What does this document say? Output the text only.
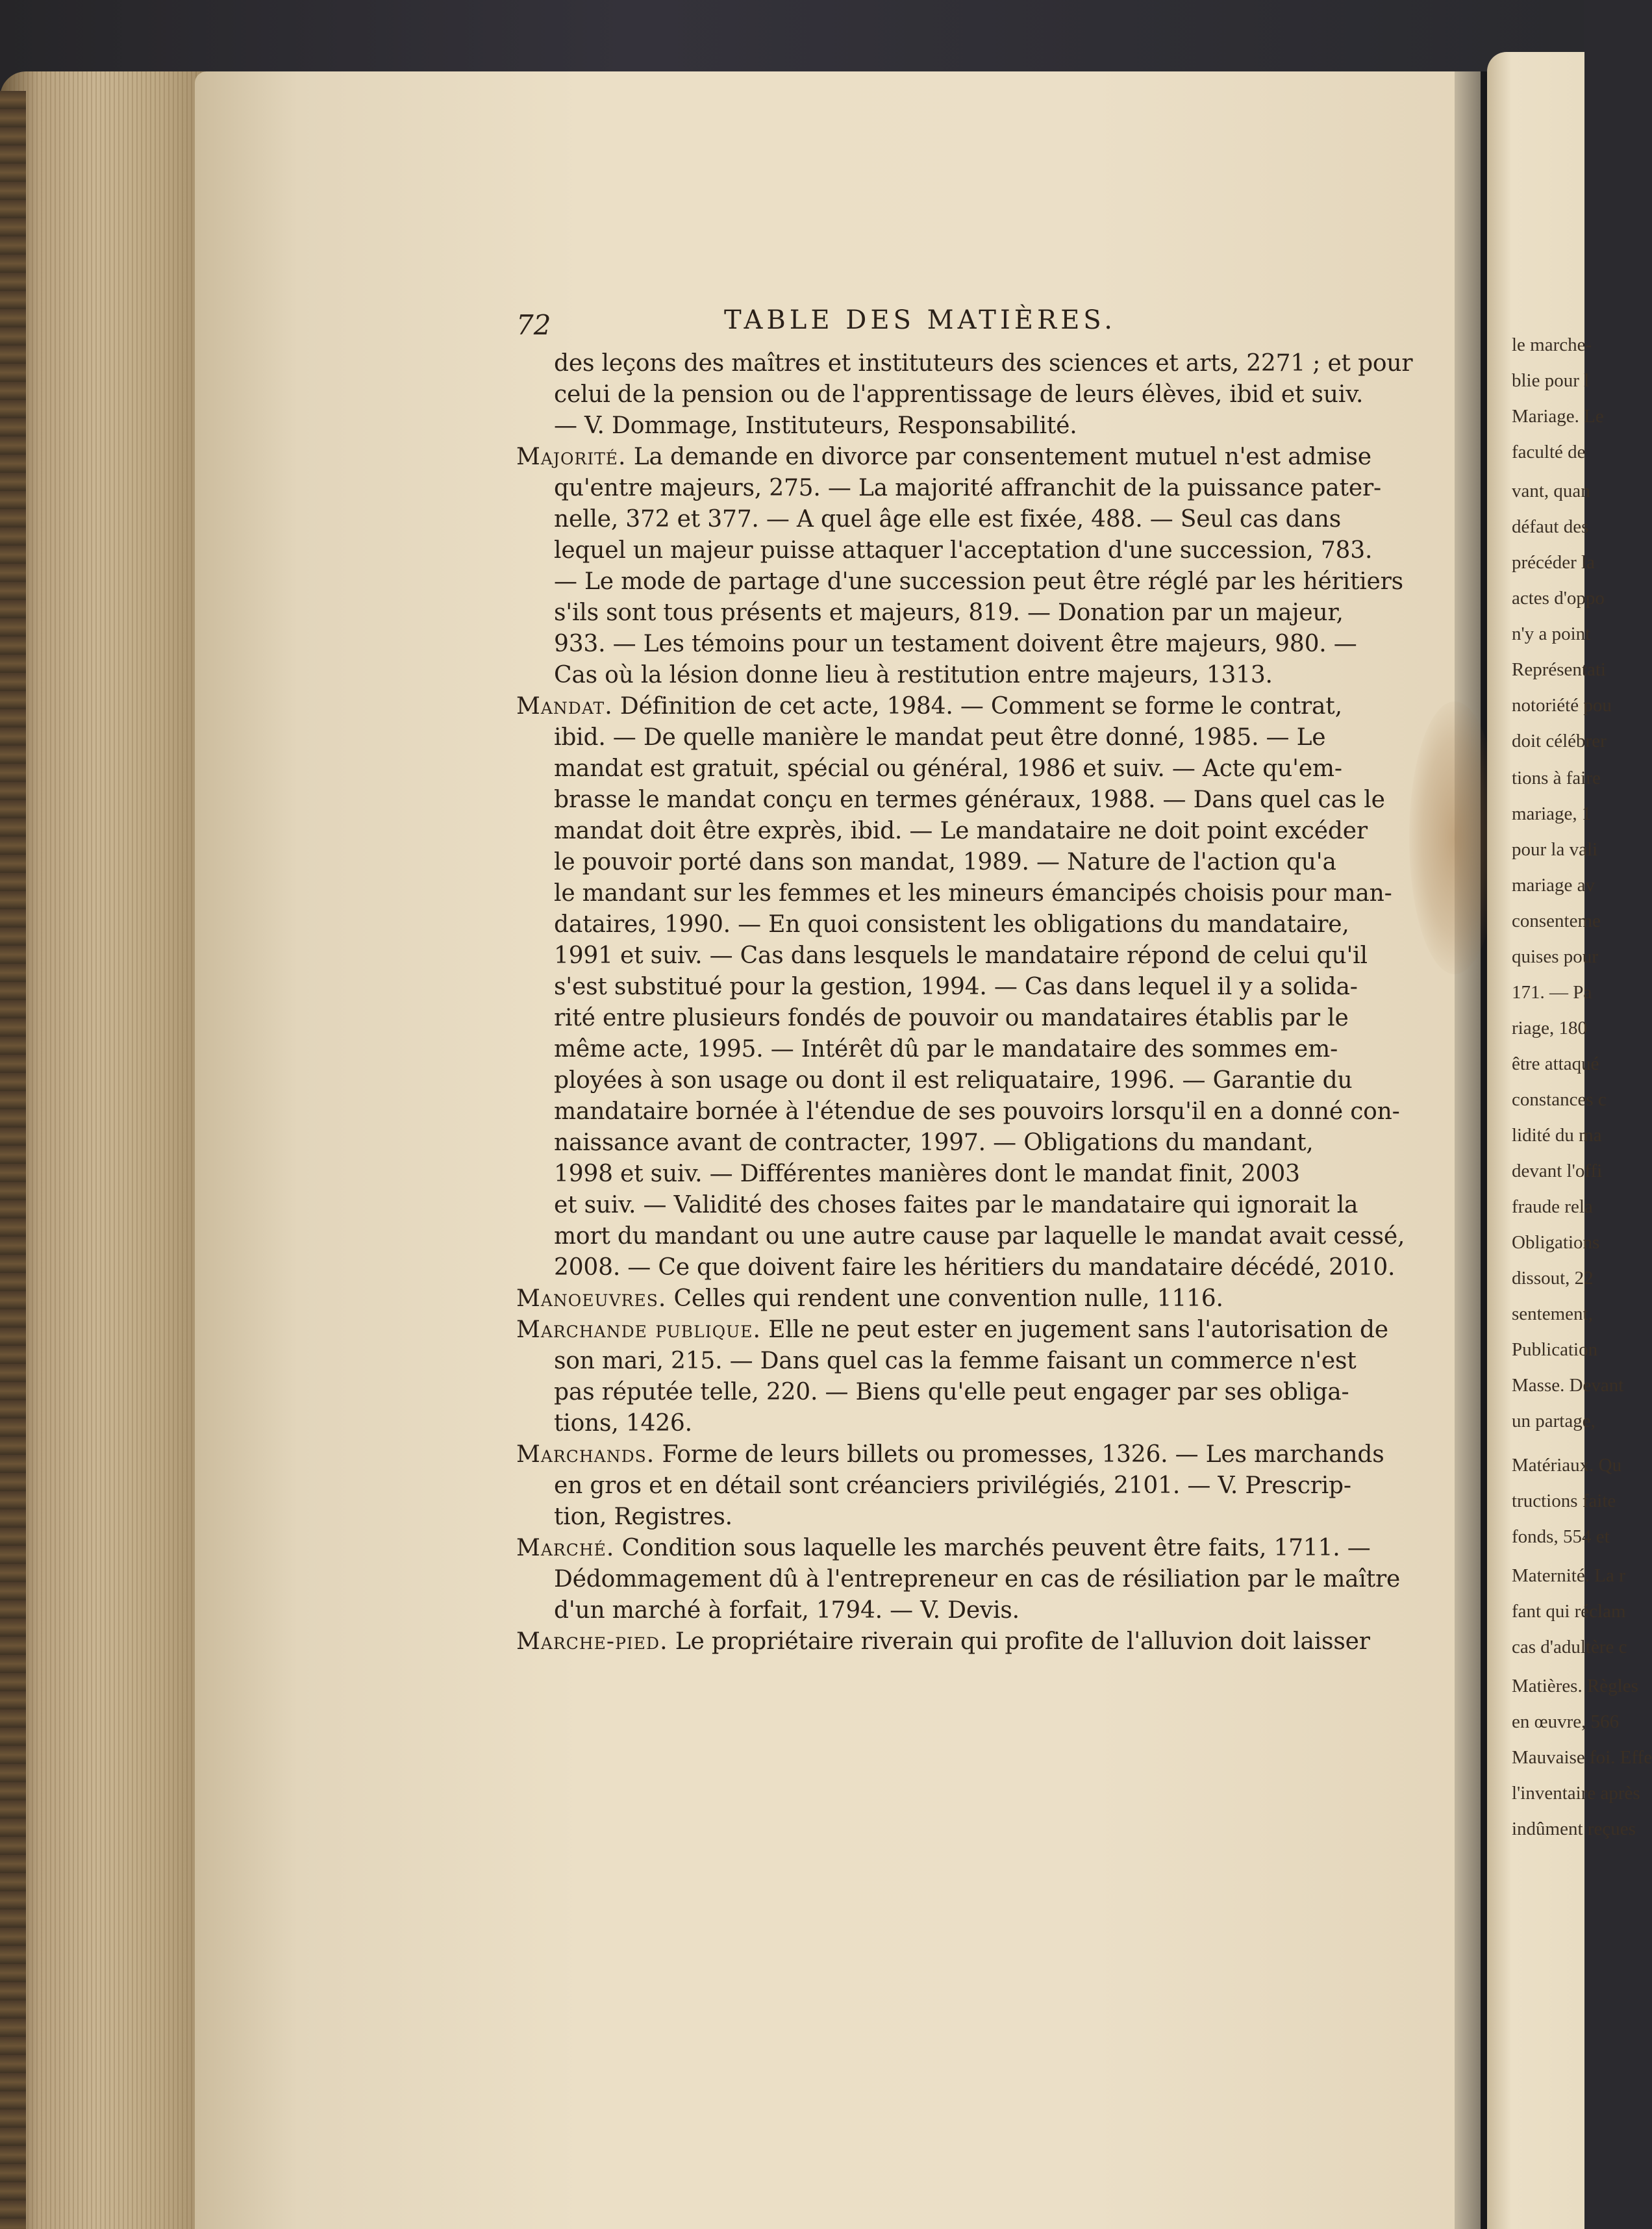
le marche-
blie pour l
Mariage. Le
faculté de
vant, quan
défaut des
précéder la
actes d'oppo
n'y a point
Représentati
notoriété pou
doit célébrer
tions à faire
mariage, 1
pour la vali
mariage av
consenteme
quises pour
171. — Pa
riage, 180
être attaqué
constances c
lidité du ma
devant l'offi
fraude rela
Obligations
dissout, 22
sentement,
Publication
Masse. Devant
un partage,
Matériaux. Qu
tructions faite
fonds, 554 et
Maternité. La r
fant qui réclam
cas d'adultère c
Matières. Règles
en œuvre, 566
Mauvaise foi. Effe
l'inventaire après
indûment reçues
72	TABLE DES MATIÈRES.
des leçons des maîtres et instituteurs des sciences et arts, 2271 ; et pour
celui de la pension ou de l'apprentissage de leurs élèves, ibid et suiv.
— V. Dommage, Instituteurs, Responsabilité.
Majorité. La demande en divorce par consentement mutuel n'est admise
qu'entre majeurs, 275. — La majorité affranchit de la puissance pater-
nelle, 372 et 377. — A quel âge elle est fixée, 488. — Seul cas dans
lequel un majeur puisse attaquer l'acceptation d'une succession, 783.
— Le mode de partage d'une succession peut être réglé par les héritiers
s'ils sont tous présents et majeurs, 819. — Donation par un majeur,
933. — Les témoins pour un testament doivent être majeurs, 980. —
Cas où la lésion donne lieu à restitution entre majeurs, 1313.
Mandat. Définition de cet acte, 1984. — Comment se forme le contrat,
ibid. — De quelle manière le mandat peut être donné, 1985. — Le
mandat est gratuit, spécial ou général, 1986 et suiv. — Acte qu'em-
brasse le mandat conçu en termes généraux, 1988. — Dans quel cas le
mandat doit être exprès, ibid. — Le mandataire ne doit point excéder
le pouvoir porté dans son mandat, 1989. — Nature de l'action qu'a
le mandant sur les femmes et les mineurs émancipés choisis pour man-
dataires, 1990. — En quoi consistent les obligations du mandataire,
1991 et suiv. — Cas dans lesquels le mandataire répond de celui qu'il
s'est substitué pour la gestion, 1994. — Cas dans lequel il y a solida-
rité entre plusieurs fondés de pouvoir ou mandataires établis par le
même acte, 1995. — Intérêt dû par le mandataire des sommes em-
ployées à son usage ou dont il est reliquataire, 1996. — Garantie du
mandataire bornée à l'étendue de ses pouvoirs lorsqu'il en a donné con-
naissance avant de contracter, 1997. — Obligations du mandant,
1998 et suiv. — Différentes manières dont le mandat finit, 2003
et suiv. — Validité des choses faites par le mandataire qui ignorait la
mort du mandant ou une autre cause par laquelle le mandat avait cessé,
2008. — Ce que doivent faire les héritiers du mandataire décédé, 2010.
Manoeuvres. Celles qui rendent une convention nulle, 1116.
Marchande publique. Elle ne peut ester en jugement sans l'autorisation de
son mari, 215. — Dans quel cas la femme faisant un commerce n'est
pas réputée telle, 220. — Biens qu'elle peut engager par ses obliga-
tions, 1426.
Marchands. Forme de leurs billets ou promesses, 1326. — Les marchands
en gros et en détail sont créanciers privilégiés, 2101. — V. Prescrip-
tion, Registres.
Marché. Condition sous laquelle les marchés peuvent être faits, 1711. —
Dédommagement dû à l'entrepreneur en cas de résiliation par le maître
d'un marché à forfait, 1794. — V. Devis.
Marche-pied. Le propriétaire riverain qui profite de l'alluvion doit laisser
